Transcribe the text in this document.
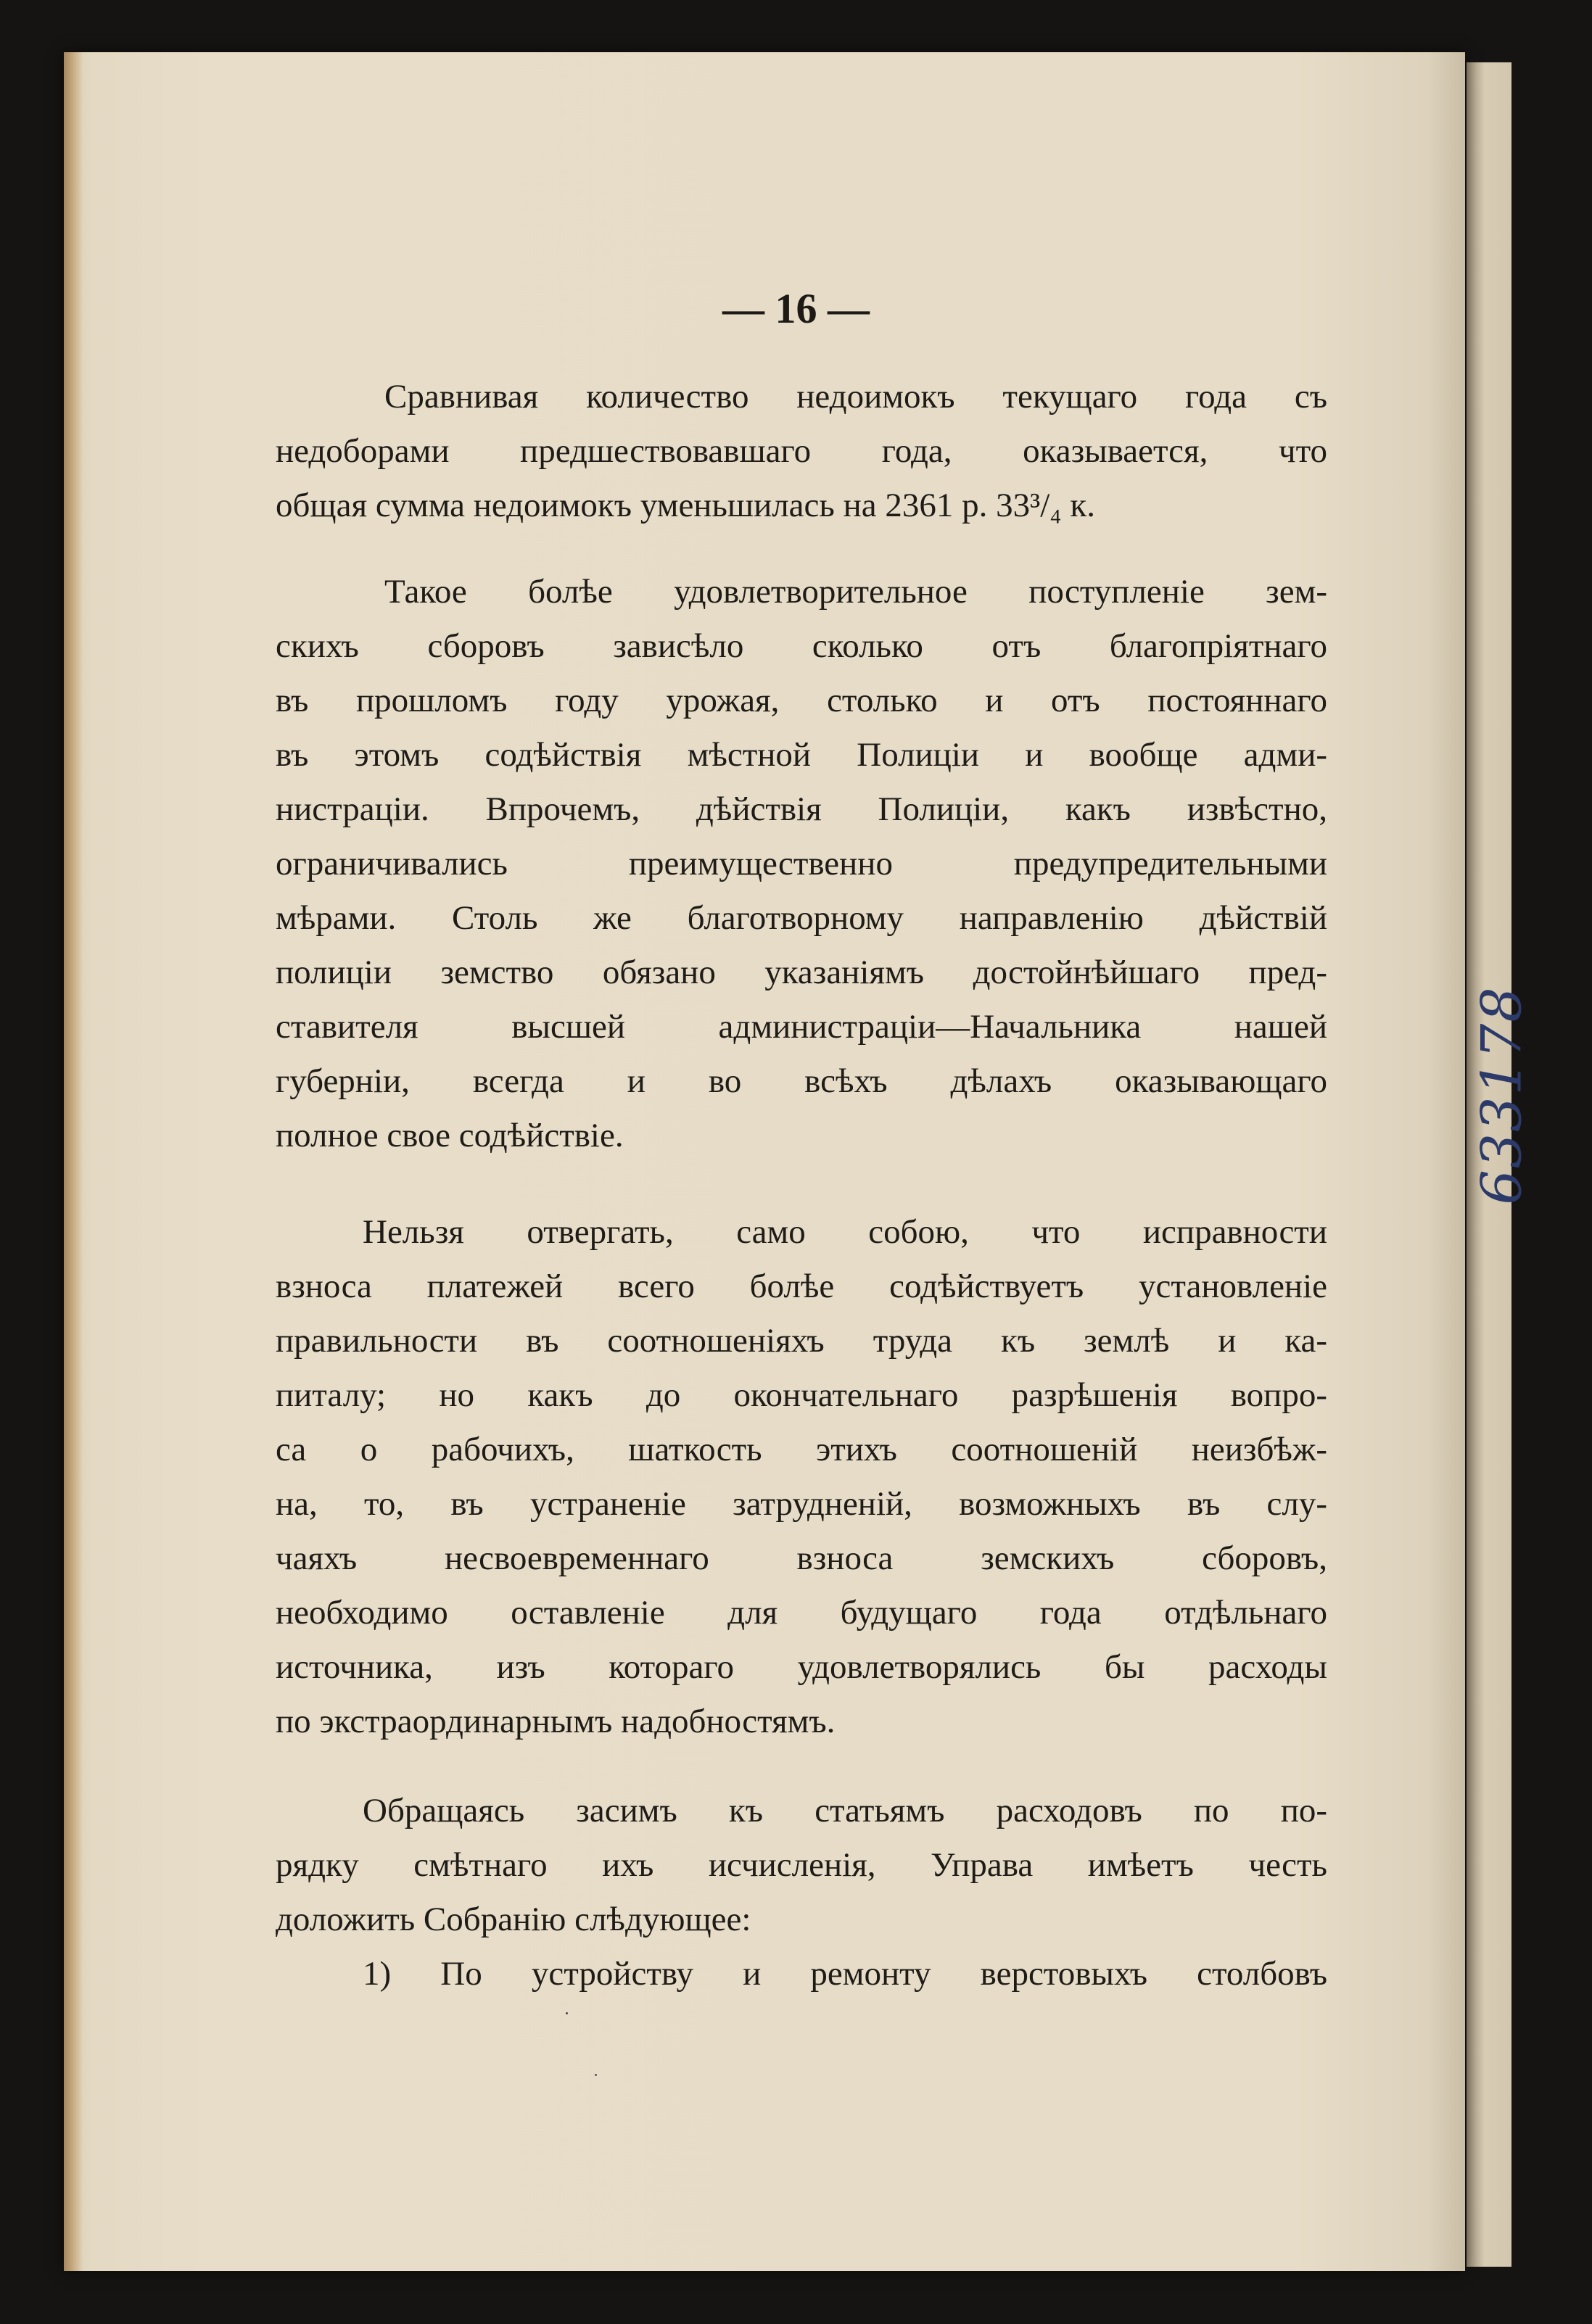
633178
— 16 —
Сравнивая количество недоимокъ текущаго года съ
недоборами предшествовавшаго года, оказывается, что
общая сумма недоимокъ уменьшилась на 2361 р. 33³/₄ к.
Такое болѣе удовлетворительное поступленіе зем-
скихъ сборовъ зависѣло сколько отъ благопріятнаго
въ прошломъ году урожая, столько и отъ постояннаго
въ этомъ содѣйствія мѣстной Полиціи и вообще адми-
нистраціи. Впрочемъ, дѣйствія Полиціи, какъ извѣстно,
ограничивались преимущественно предупредительными
мѣрами. Столь же благотворному направленію дѣйствій
полиціи земство обязано указаніямъ достойнѣйшаго пред-
ставителя высшей администраціи—Начальника нашей
губерніи, всегда и во всѣхъ дѣлахъ оказывающаго
полное свое содѣйствіе.
Нельзя отвергать, само собою, что исправности
взноса платежей всего болѣе содѣйствуетъ установленіе
правильности въ соотношеніяхъ труда къ землѣ и ка-
питалу; но какъ до окончательнаго разрѣшенія вопро-
са о рабочихъ, шаткость этихъ соотношеній неизбѣж-
на, то, въ устраненіе затрудненій, возможныхъ въ слу-
чаяхъ несвоевременнаго взноса земскихъ сборовъ,
необходимо оставленіе для будущаго года отдѣльнаго
источника, изъ котораго удовлетворялись бы расходы
по экстраординарнымъ надобностямъ.
Обращаясь засимъ къ статьямъ расходовъ по по-
рядку смѣтнаго ихъ исчисленія, Управа имѣетъ честь
доложить Собранію слѣдующее:
1) По устройству и ремонту верстовыхъ столбовъ
